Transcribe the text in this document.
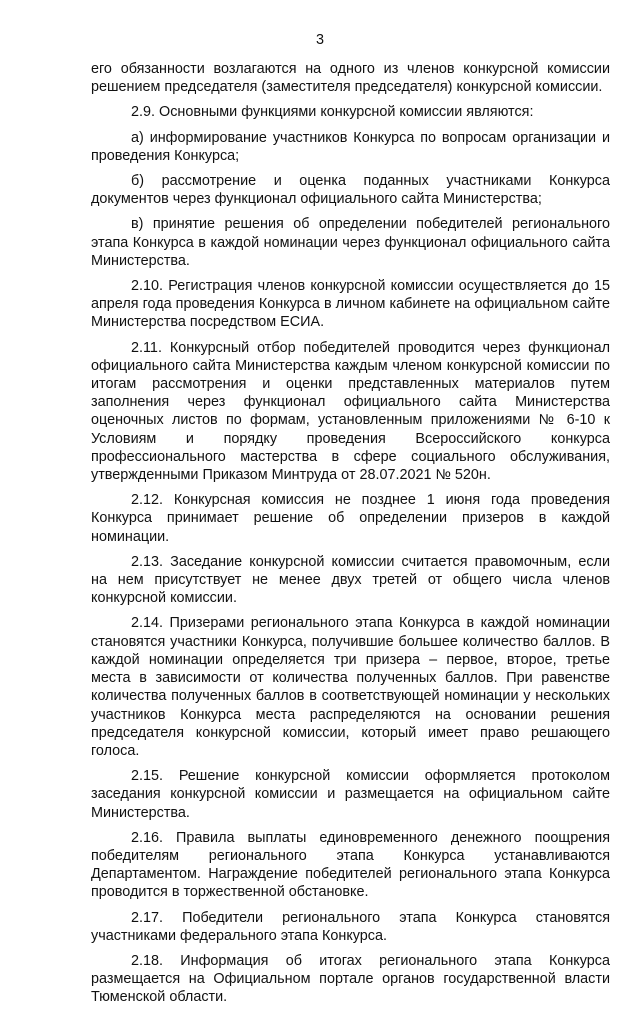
3

его обязанности возлагаются на одного из членов конкурсной комиссии решением председателя (заместителя председателя) конкурсной комиссии.

2.9. Основными функциями конкурсной комиссии являются:

а) информирование участников Конкурса по вопросам организации и проведения Конкурса;

б) рассмотрение и оценка поданных участниками Конкурса документов через функционал официального сайта Министерства;

в) принятие решения об определении победителей регионального этапа Конкурса в каждой номинации через функционал официального сайта Министерства.

2.10. Регистрация членов конкурсной комиссии осуществляется до 15 апреля года проведения Конкурса в личном кабинете на официальном сайте Министерства посредством ЕСИА.

2.11. Конкурсный отбор победителей проводится через функционал официального сайта Министерства каждым членом конкурсной комиссии по итогам рассмотрения и оценки представленных материалов путем заполнения через функционал официального сайта Министерства оценочных листов по формам, установленным приложениями № 6-10 к Условиям и порядку проведения Всероссийского конкурса профессионального мастерства в сфере социального обслуживания, утвержденными Приказом Минтруда от 28.07.2021 № 520н.

2.12. Конкурсная комиссия не позднее 1 июня года проведения Конкурса принимает решение об определении призеров в каждой номинации.

2.13. Заседание конкурсной комиссии считается правомочным, если на нем присутствует не менее двух третей от общего числа членов конкурсной комиссии.

2.14. Призерами регионального этапа Конкурса в каждой номинации становятся участники Конкурса, получившие большее количество баллов. В каждой номинации определяется три призера – первое, второе, третье места в зависимости от количества полученных баллов. При равенстве количества полученных баллов в соответствующей номинации у нескольких участников Конкурса места распределяются на основании решения председателя конкурсной комиссии, который имеет право решающего голоса.

2.15. Решение конкурсной комиссии оформляется протоколом заседания конкурсной комиссии и размещается на официальном сайте Министерства.

2.16. Правила выплаты единовременного денежного поощрения победителям регионального этапа Конкурса устанавливаются Департаментом. Награждение победителей регионального этапа Конкурса проводится в торжественной обстановке.

2.17. Победители регионального этапа Конкурса становятся участниками федерального этапа Конкурса.

2.18. Информация об итогах регионального этапа Конкурса размещается на Официальном портале органов государственной власти Тюменской области.
